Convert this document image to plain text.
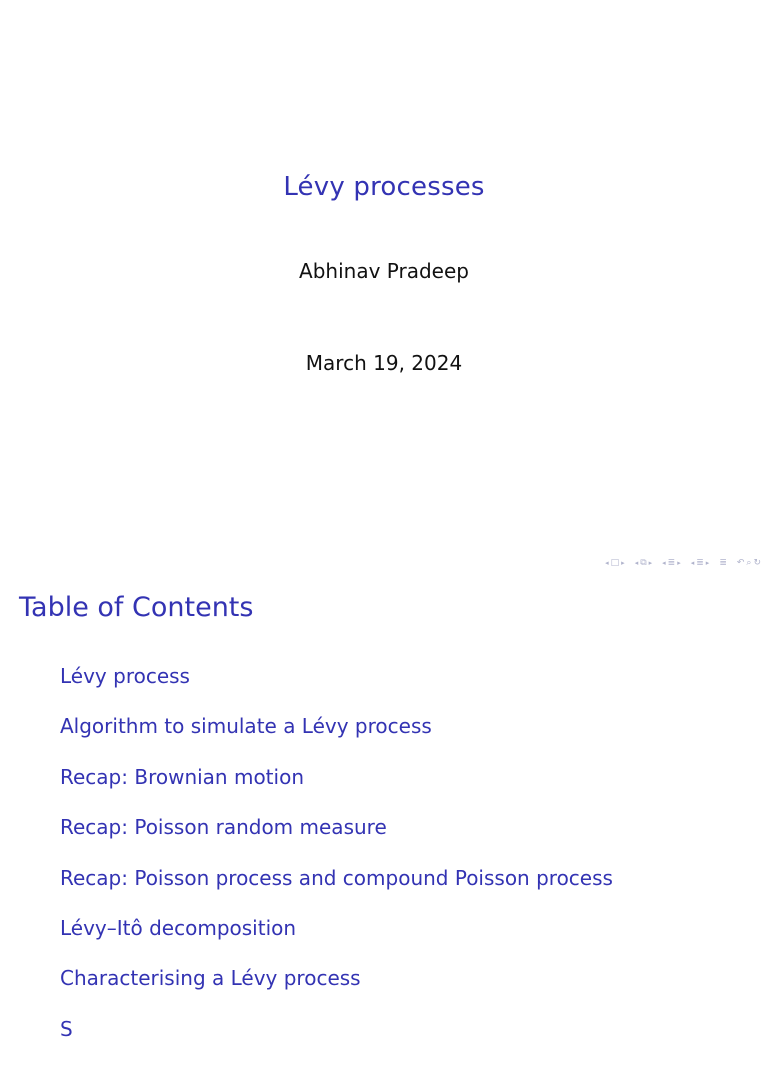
Lévy processes
Abhinav Pradeep
March 19, 2024
◂ □ ▸ ◂ ⧉ ▸ ◂ ≣ ▸ ◂ ≣ ▸ ≣ ↶ ⌕ ↻
Table of Contents
Lévy process
Algorithm to simulate a Lévy process
Recap: Brownian motion
Recap: Poisson random measure
Recap: Poisson process and compound Poisson process
Lévy–Itô decomposition
Characterising a Lévy process
S
